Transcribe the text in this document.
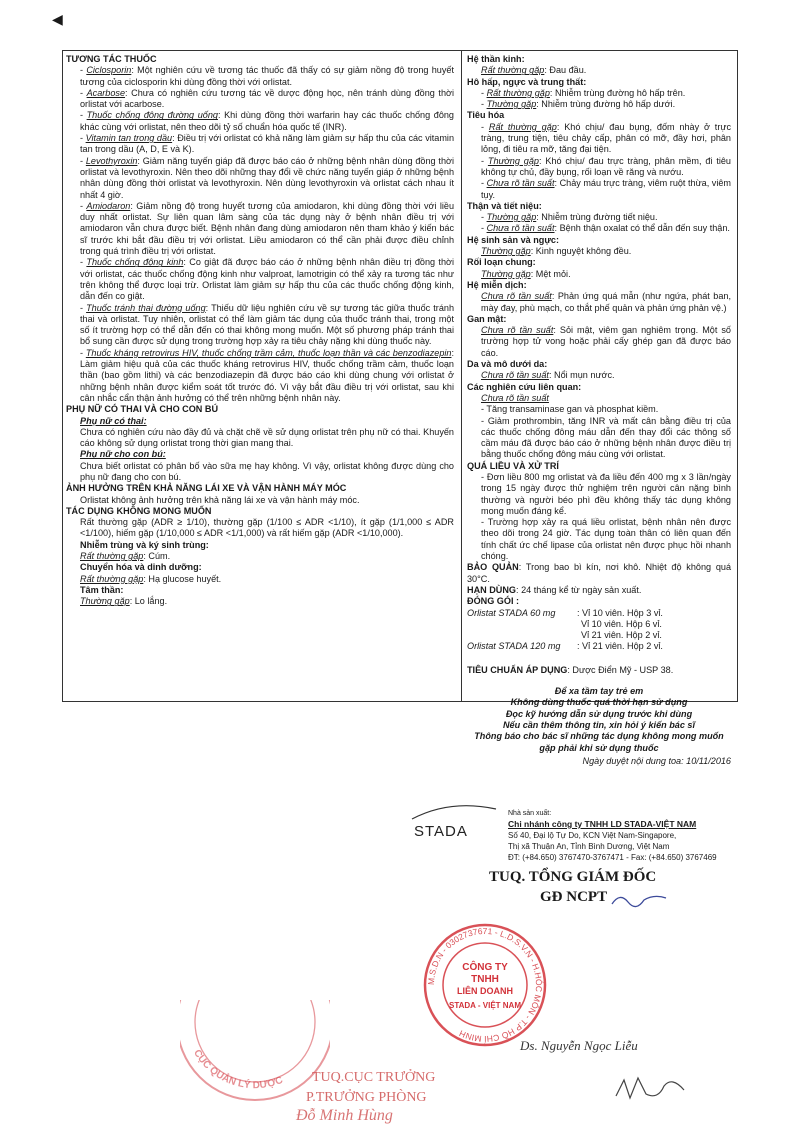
◀
TƯƠNG TÁC THUỐC
- Ciclosporin: Một nghiên cứu về tương tác thuốc đã thấy có sự giảm nồng độ trong huyết tương của ciclosporin khi dùng đồng thời với orlistat.
- Acarbose: Chưa có nghiên cứu tương tác về dược động học, nên tránh dùng đồng thời orlistat với acarbose.
- Thuốc chống đông đường uống: Khi dùng đồng thời warfarin hay các thuốc chống đông khác cùng với orlistat, nên theo dõi tỷ số chuẩn hóa quốc tế (INR).
- Vitamin tan trong dầu: Điều trị với orlistat có khả năng làm giảm sự hấp thu của các vitamin tan trong dầu (A, D, E và K).
- Levothyroxin: Giảm năng tuyến giáp đã được báo cáo ở những bệnh nhân dùng đồng thời orlistat và levothyroxin. Nên theo dõi những thay đổi về chức năng tuyến giáp ở những bệnh nhân dùng đồng thời orlistat và levothyroxin. Nên dùng levothyroxin và orlistat cách nhau ít nhất 4 giờ.
- Amiodaron: Giảm nồng độ trong huyết tương của amiodaron, khi dùng đồng thời với liều duy nhất orlistat. Sự liên quan lâm sàng của tác dụng này ở bệnh nhân điều trị với amiodaron vẫn chưa được biết. Bệnh nhân đang dùng amiodaron nên tham khảo ý kiến bác sĩ trước khi bắt đầu điều trị với orlistat. Liều amiodaron có thể cần phải được điều chỉnh trong quá trình điều trị với orlistat.
- Thuốc chống động kinh: Co giật đã được báo cáo ở những bệnh nhân điều trị đồng thời với orlistat, các thuốc chống động kinh như valproat, lamotrigin có thể xảy ra tương tác như trên không thể được loại trừ. Orlistat làm giảm sự hấp thu của các thuốc chống động kinh, dẫn đến co giật.
- Thuốc tránh thai đường uống: Thiếu dữ liệu nghiên cứu về sự tương tác giữa thuốc tránh thai và orlistat. Tuy nhiên, orlistat có thể làm giảm tác dụng của thuốc tránh thai, trong một số ít trường hợp có thể dẫn đến có thai không mong muốn. Một số phương pháp tránh thai bổ sung cần được sử dụng trong trường hợp xảy ra tiêu chảy nặng khi dùng thuốc này.
- Thuốc kháng retrovirus HIV, thuốc chống trầm cảm, thuốc loạn thần và các benzodiazepin: Làm giảm hiệu quả của các thuốc kháng retrovirus HIV, thuốc chống trầm cảm, thuốc loạn thần (bao gồm lithi) và các benzodiazepin đã được báo cáo khi dùng chung với orlistat ở những bệnh nhân được kiểm soát tốt trước đó. Vì vậy bắt đầu điều trị với orlistat, sau khi cân nhắc cẩn thận ảnh hưởng có thể trên những bệnh nhân này.
PHỤ NỮ CÓ THAI VÀ CHO CON BÚ
Phụ nữ có thai:
Chưa có nghiên cứu nào đầy đủ và chặt chẽ về sử dụng orlistat trên phụ nữ có thai. Khuyến cáo không sử dụng orlistat trong thời gian mang thai.
Phụ nữ cho con bú:
Chưa biết orlistat có phân bố vào sữa mẹ hay không. Vì vậy, orlistat không được dùng cho phụ nữ đang cho con bú.
ẢNH HƯỞNG TRÊN KHẢ NĂNG LÁI XE VÀ VẬN HÀNH MÁY MÓC
Orlistat không ảnh hưởng trên khả năng lái xe và vận hành máy móc.
TÁC DỤNG KHÔNG MONG MUỐN
Rất thường gặp (ADR ≥ 1/10), thường gặp (1/100 ≤ ADR <1/10), ít gặp (1/1,000 ≤ ADR <1/100), hiếm gặp (1/10,000 ≤ ADR <1/1,000) và rất hiếm gặp (ADR <1/10,000).
Nhiễm trùng và ký sinh trùng:
Rất thường gặp: Cúm.
Chuyển hóa và dinh dưỡng:
Rất thường gặp: Hạ glucose huyết.
Tâm thần:
Thường gặp: Lo lắng.
Hệ thần kinh:
Rất thường gặp: Đau đầu.
Hô hấp, ngực và trung thất:
- Rất thường gặp: Nhiễm trùng đường hô hấp trên.
- Thường gặp: Nhiễm trùng đường hô hấp dưới.
Tiêu hóa
- Rất thường gặp: Khó chịu/ đau bụng, đốm nhày ở trực tràng, trung tiện, tiêu chảy cấp, phân có mỡ, đầy hơi, phân lỏng, đi tiêu ra mỡ, tăng đại tiện.
- Thường gặp: Khó chịu/ đau trực tràng, phân mềm, đi tiêu không tự chủ, đầy bụng, rối loạn về răng và nướu.
- Chưa rõ tần suất: Chảy máu trực tràng, viêm ruột thừa, viêm tụy.
Thận và tiết niệu:
- Thường gặp: Nhiễm trùng đường tiết niệu.
- Chưa rõ tần suất: Bệnh thận oxalat có thể dẫn đến suy thận.
Hệ sinh sản và ngực:
Thường gặp: Kinh nguyệt không đều.
Rối loạn chung:
Thường gặp: Mệt mỏi.
Hệ miễn dịch:
Chưa rõ tần suất: Phản ứng quá mẫn (như ngứa, phát ban, mày đay, phù mạch, co thắt phế quản và phản ứng phản vệ.)
Gan mật:
Chưa rõ tần suất: Sỏi mật, viêm gan nghiêm trọng. Một số trường hợp tử vong hoặc phải cấy ghép gan đã được báo cáo.
Da và mô dưới da:
Chưa rõ tần suất: Nổi mụn nước.
Các nghiên cứu liên quan:
Chưa rõ tần suất
- Tăng transaminase gan và phosphat kiềm.
- Giảm prothrombin, tăng INR và mất cân bằng điều trị của các thuốc chống đông máu dẫn đến thay đổi các thông số cầm máu đã được báo cáo ở những bệnh nhân được điều trị bằng thuốc chống đông máu cùng với orlistat.
QUÁ LIỀU VÀ XỬ TRÍ
- Đơn liều 800 mg orlistat và đa liều đến 400 mg x 3 lần/ngày trong 15 ngày được thử nghiệm trên người cân nặng bình thường và người béo phì đều không thấy tác dụng không mong muốn đáng kể.
- Trường hợp xảy ra quá liều orlistat, bệnh nhân nên được theo dõi trong 24 giờ. Tác dụng toàn thân có liên quan đến tính chất ức chế lipase của orlistat nên được phục hồi nhanh chóng.
BẢO QUẢN: Trong bao bì kín, nơi khô. Nhiệt độ không quá 30°C.
HẠN DÙNG: 24 tháng kể từ ngày sản xuất.
ĐÓNG GÓI :
Orlistat STADA 60 mg	: Vỉ 10 viên. Hộp 3 vỉ.
Vỉ 10 viên. Hộp 6 vỉ.
Vỉ 21 viên. Hộp 2 vỉ.
Orlistat STADA 120 mg	: Vỉ 21 viên. Hộp 2 vỉ.
TIÊU CHUẨN ÁP DỤNG: Dược Điển Mỹ - USP 38.
Để xa tầm tay trẻ em
Không dùng thuốc quá thời hạn sử dụng
Đọc kỹ hướng dẫn sử dụng trước khi dùng
Nếu cần thêm thông tin, xin hỏi ý kiến bác sĩ
Thông báo cho bác sĩ những tác dụng không mong muốn gặp phải khi sử dụng thuốc
Ngày duyệt nội dung toa: 10/11/2016
STADA
Nhà sản xuất:
Chi nhánh công ty TNHH LD STADA-VIỆT NAM
Số 40, Đại lộ Tự Do, KCN Việt Nam-Singapore,
Thị xã Thuận An, Tỉnh Bình Dương, Việt Nam
ĐT: (+84.650) 3767470-3767471 - Fax: (+84.650) 3767469
TUQ. TỔNG GIÁM ĐỐC
GĐ NCPT
Ds. Nguyễn Ngọc Liễu
TUQ.CỤC TRƯỞNG
P.TRƯỞNG PHÒNG
Đỗ Minh Hùng
M.S.D.N - 0302737671 - L.D.S.V.N - H.HÓC MÔN - T.P HỒ CHÍ MINH
CÔNG TY
TNHH
LIÊN DOANH
STADA - VIỆT NAM
CỤC QUẢN LÝ DƯỢC
